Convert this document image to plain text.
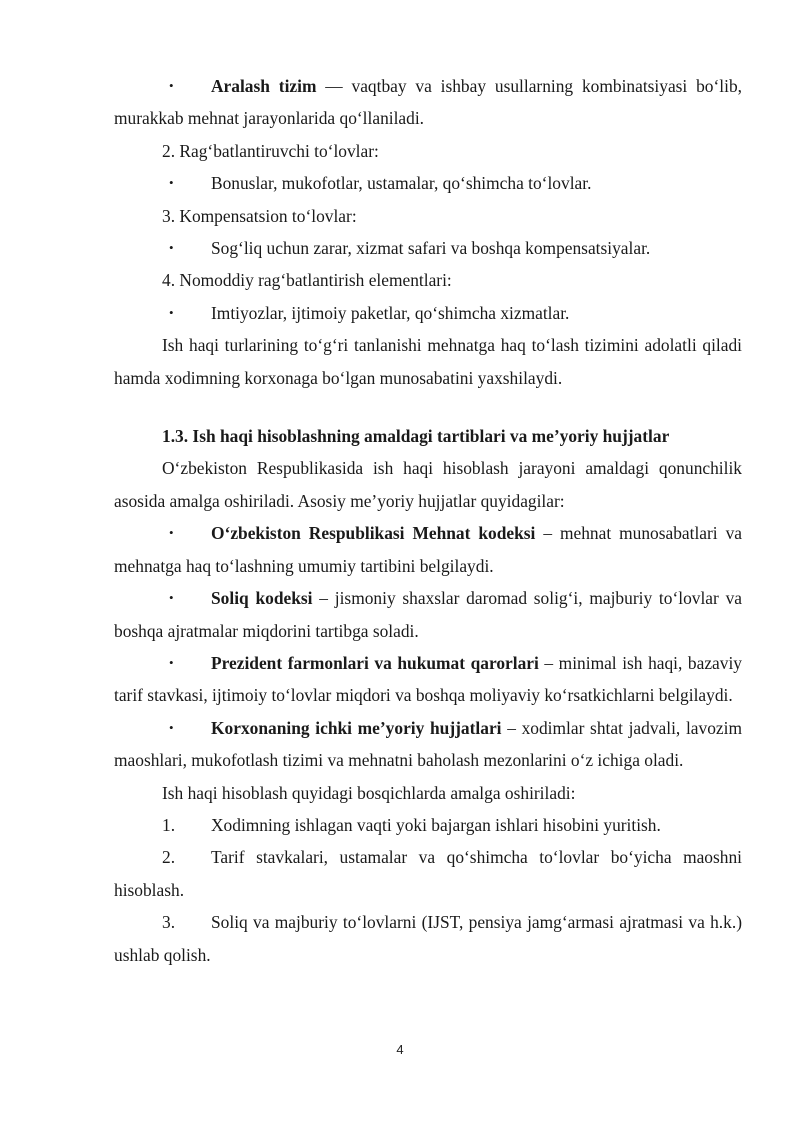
• Aralash tizim — vaqtbay va ishbay usullarning kombinatsiyasi boʻlib, murakkab mehnat jarayonlarida qoʻllaniladi.

2. Ragʻbatlantiruvchi toʻlovlar:

• Bonuslar, mukofotlar, ustamalar, qoʻshimcha toʻlovlar.

3. Kompensatsion toʻlovlar:

• Sogʻliq uchun zarar, xizmat safari va boshqa kompensatsiyalar.

4. Nomoddiy ragʻbatlantirish elementlari:

• Imtiyozlar, ijtimoiy paketlar, qoʻshimcha xizmatlar.

Ish haqi turlarining toʻgʻri tanlanishi mehnatga haq toʻlash tizimini adolatli qiladi hamda xodimning korxonaga boʻlgan munosabatini yaxshilaydi.

1.3. Ish haqi hisoblashning amaldagi tartiblari va me’yoriy hujjatlar

Oʻzbekiston Respublikasida ish haqi hisoblash jarayoni amaldagi qonunchilik asosida amalga oshiriladi. Asosiy me’yoriy hujjatlar quyidagilar:

• Oʻzbekiston Respublikasi Mehnat kodeksi – mehnat munosabatlari va mehnatga haq toʻlashning umumiy tartibini belgilaydi.

• Soliq kodeksi – jismoniy shaxslar daromad soligʻi, majburiy toʻlovlar va boshqa ajratmalar miqdorini tartibga soladi.

• Prezident farmonlari va hukumat qarorlari – minimal ish haqi, bazaviy tarif stavkasi, ijtimoiy toʻlovlar miqdori va boshqa moliyaviy koʻrsatkichlarni belgilaydi.

• Korxonaning ichki me’yoriy hujjatlari – xodimlar shtat jadvali, lavozim maoshlari, mukofotlash tizimi va mehnatni baholash mezonlarini oʻz ichiga oladi.

Ish haqi hisoblash quyidagi bosqichlarda amalga oshiriladi:

1. Xodimning ishlagan vaqti yoki bajargan ishlari hisobini yuritish.

2. Tarif stavkalari, ustamalar va qoʻshimcha toʻlovlar boʻyicha maoshni hisoblash.

3. Soliq va majburiy toʻlovlarni (IJST, pensiya jamgʻarmasi ajratmasi va h.k.) ushlab qolish.

4
